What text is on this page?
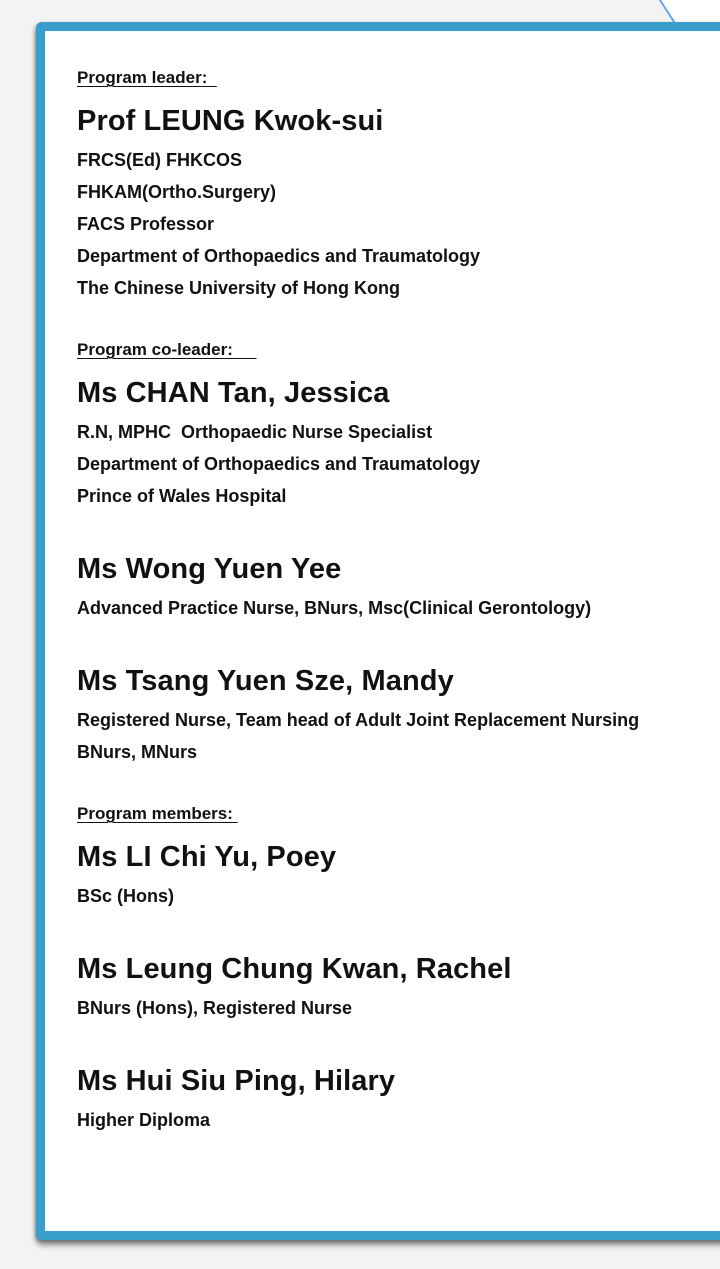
Program leader:
Prof LEUNG Kwok-sui
FRCS(Ed) FHKCOS
FHKAM(Ortho.Surgery)
FACS Professor
Department of Orthopaedics and Traumatology
The Chinese University of Hong Kong
Program co-leader:
Ms CHAN Tan, Jessica
R.N, MPHC  Orthopaedic Nurse Specialist
Department of Orthopaedics and Traumatology
Prince of Wales Hospital
Ms Wong Yuen Yee
Advanced Practice Nurse, BNurs, Msc(Clinical Gerontology)
Ms Tsang Yuen Sze, Mandy
Registered Nurse, Team head of Adult Joint Replacement Nursing
BNurs, MNurs
Program members:
Ms LI Chi Yu, Poey
BSc (Hons)
Ms Leung Chung Kwan, Rachel
BNurs (Hons), Registered Nurse
Ms Hui Siu Ping, Hilary
Higher Diploma
